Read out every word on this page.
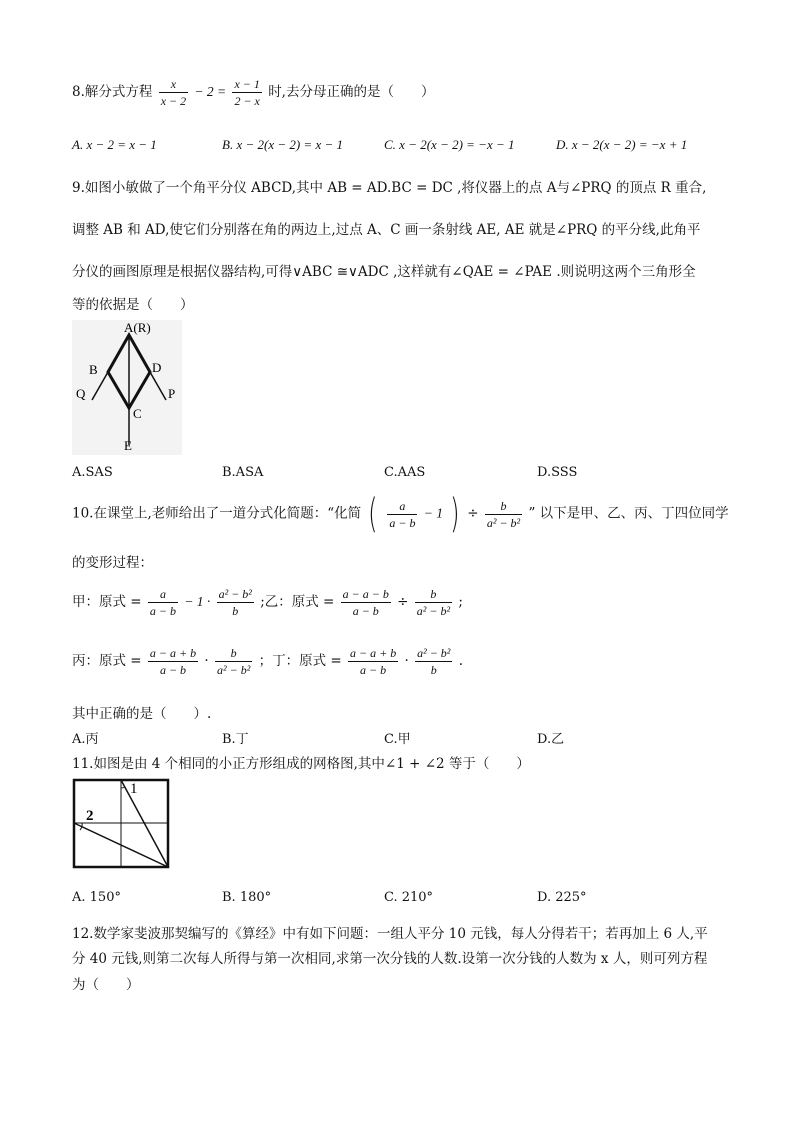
8.解分式方程 $\frac{x}{x - 2} - 2 = \frac{x - 1}{2 - x}$ 时,去分母正确的是（　　）
A. x − 2 = x − 1	B. x − 2(x − 2) = x − 1	C. x − 2(x − 2) = −x − 1	D. x − 2(x − 2) = −x + 1
9.如图小敏做了一个角平分仪 ABCD,其中 AB = AD.BC = DC ,将仪器上的点 A与∠PRQ 的顶点 R 重合,
调整 AB 和 AD,使它们分别落在角的两边上,过点 A、C 画一条射线 AE, AE 就是∠PRQ 的平分线,此角平
分仪的画图原理是根据仪器结构,可得∨ABC ≅∨ADC ,这样就有∠QAE = ∠PAE .则说明这两个三角形全
等的依据是（　　）
A(R)
B	D
Q	P
C
E
A.SAS	B.ASA	C.AAS	D.SSS
10.在课堂上,老师给出了一道分式化简题：“化简 ( $\frac{a}{a - b} - 1$ ) ÷ $\frac{b}{\text{a² − b²}}$ ” 以下是甲、乙、丙、丁四位同学
的变形过程：
甲：原式 = $\frac{a}{a - b} - 1 \cdot \frac{\text{a² − b²}}{b}$ ;乙：原式 = $\frac{a - a - b}{a - b} \div \frac{b}{\text{a² − b²}}$ ;
丙：原式 = $\frac{a - a + b}{a - b} \cdot \frac{b}{\text{a² − b²}}$ ；丁：原式 = $\frac{a - a + b}{a - b} \cdot \frac{\text{a² − b²}}{b}$ .
其中正确的是（　　）.
A.丙	B.丁	C.甲	D.乙
11.如图是由 4 个相同的小正方形组成的网格图,其中∠1 + ∠2 等于（　　）
1
2
A. 150°	B. 180°	C. 210°	D. 225°
12.数学家斐波那契编写的《算经》中有如下问题：一组人平分 10 元钱，每人分得若干；若再加上 6 人,平
分 40 元钱,则第二次每人所得与第一次相同,求第一次分钱的人数.设第一次分钱的人数为 x 人，则可列方程
为（　　）
